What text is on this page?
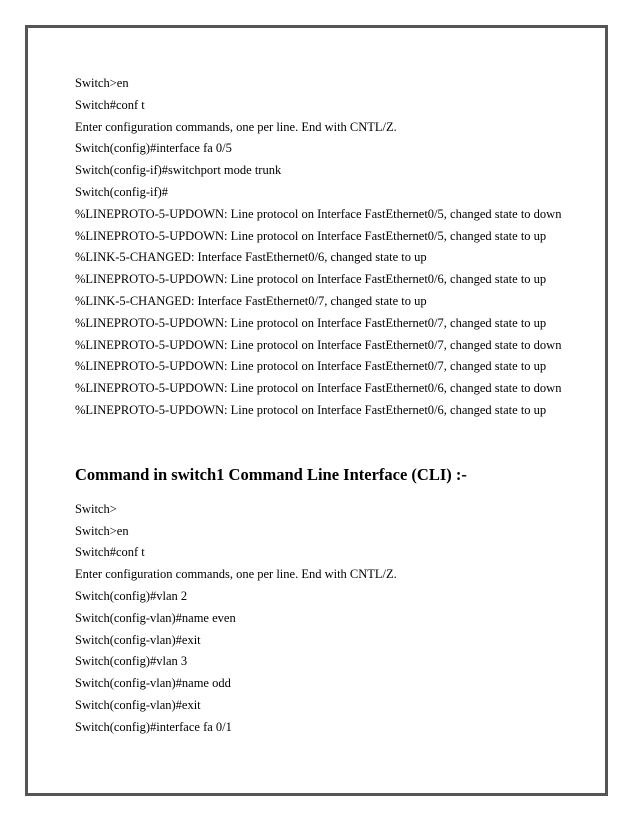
Switch>en
Switch#conf t
Enter configuration commands, one per line. End with CNTL/Z.
Switch(config)#interface fa 0/5
Switch(config-if)#switchport mode trunk
Switch(config-if)#
%LINEPROTO-5-UPDOWN: Line protocol on Interface FastEthernet0/5, changed state to down
%LINEPROTO-5-UPDOWN: Line protocol on Interface FastEthernet0/5, changed state to up
%LINK-5-CHANGED: Interface FastEthernet0/6, changed state to up
%LINEPROTO-5-UPDOWN: Line protocol on Interface FastEthernet0/6, changed state to up
%LINK-5-CHANGED: Interface FastEthernet0/7, changed state to up
%LINEPROTO-5-UPDOWN: Line protocol on Interface FastEthernet0/7, changed state to up
%LINEPROTO-5-UPDOWN: Line protocol on Interface FastEthernet0/7, changed state to down
%LINEPROTO-5-UPDOWN: Line protocol on Interface FastEthernet0/7, changed state to up
%LINEPROTO-5-UPDOWN: Line protocol on Interface FastEthernet0/6, changed state to down
%LINEPROTO-5-UPDOWN: Line protocol on Interface FastEthernet0/6, changed state to up
Command in switch1 Command Line Interface (CLI) :-
Switch>
Switch>en
Switch#conf t
Enter configuration commands, one per line. End with CNTL/Z.
Switch(config)#vlan 2
Switch(config-vlan)#name even
Switch(config-vlan)#exit
Switch(config)#vlan 3
Switch(config-vlan)#name odd
Switch(config-vlan)#exit
Switch(config)#interface fa 0/1
